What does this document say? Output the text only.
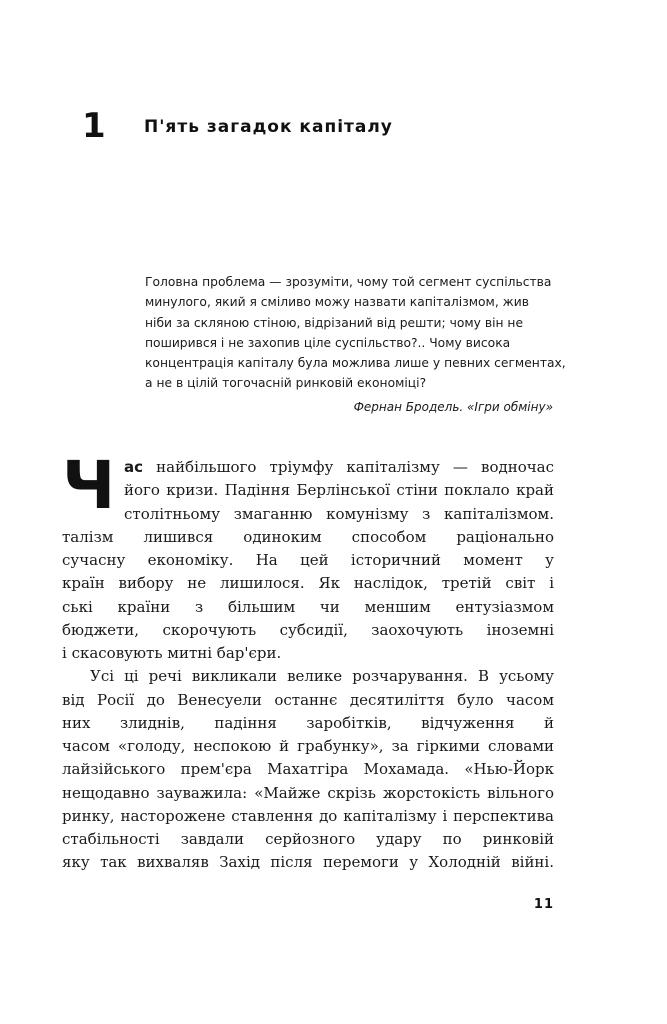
1 П'ять загадок капіталу
Головна проблема — зрозуміти, чому той сегмент суспільства
минулого, який я сміливо можу назвати капіталізмом, жив
ніби за скляною стіною, відрізаний від решти; чому він не
поширився і не захопив ціле суспільство?.. Чому висока
концентрація капіталу була можлива лише у певних сегментах,
а не в цілій тогочасній ринковій економіці?
Фернан Бродель. «Ігри обміну»
Ч ас найбільшого тріумфу капіталізму — водночас
його кризи. Падіння Берлінської стіни поклало край
столітньому змаганню комунізму з капіталізмом.
талізм лишився одиноким способом раціонально
сучасну економіку. На цей історичний момент у
країн вибору не лишилося. Як наслідок, третій світ і
ські країни з більшим чи меншим ентузіазмом
бюджети, скорочують субсидії, заохочують іноземні
і скасовують митні бар'єри.
Усі ці речі викликали велике розчарування. В усьому
від Росії до Венесуели останнє десятиліття було часом
них злиднів, падіння заробітків, відчуження й
часом «голоду, неспокою й грабунку», за гіркими словами
лайзійського прем'єра Махатгіра Мохамада. «Нью-Йорк
нещодавно зауважила: «Майже скрізь жорстокість вільного
ринку, настороженe ставлення до капіталізму і перспектива
стабільності завдали серйозного удару по ринковій
яку так вихваляв Захід після перемоги у Холодній війні.
11
